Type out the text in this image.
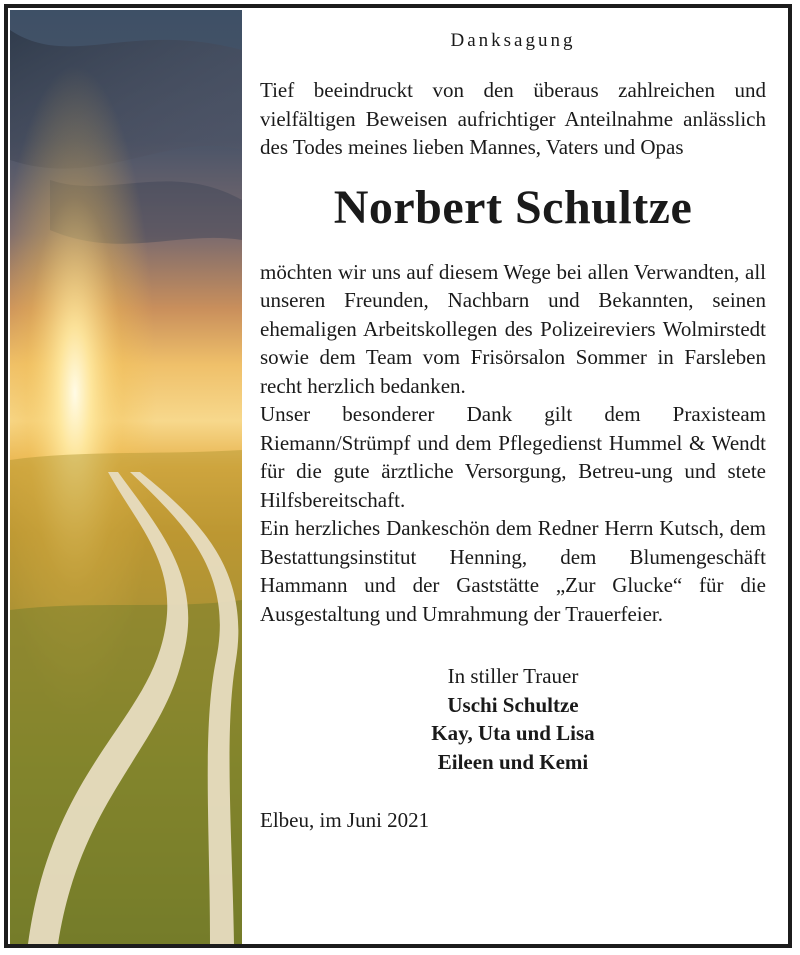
Danksagung

Tief beeindruckt von den überaus zahlreichen und vielfältigen Beweisen aufrichtiger Anteilnahme anlässlich des Todes meines lieben Mannes, Vaters und Opas

Norbert Schultze

möchten wir uns auf diesem Wege bei allen Verwandten, all unseren Freunden, Nachbarn und Bekannten, seinen ehemaligen Arbeitskollegen des Polizeireviers Wolmirstedt sowie dem Team vom Frisörsalon Sommer in Farsleben recht herzlich bedanken.

Unser besonderer Dank gilt dem Praxisteam Riemann/Strümpf und dem Pflegedienst Hummel & Wendt für die gute ärztliche Versorgung, Betreu-ung und stete Hilfsbereitschaft.

Ein herzliches Dankeschön dem Redner Herrn Kutsch, dem Bestattungsinstitut Henning, dem Blumengeschäft Hammann und der Gaststätte „Zur Glucke“ für die Ausgestaltung und Umrahmung der Trauerfeier.

In stiller Trauer
Uschi Schultze
Kay, Uta und Lisa
Eileen und Kemi
Elbeu, im Juni 2021
